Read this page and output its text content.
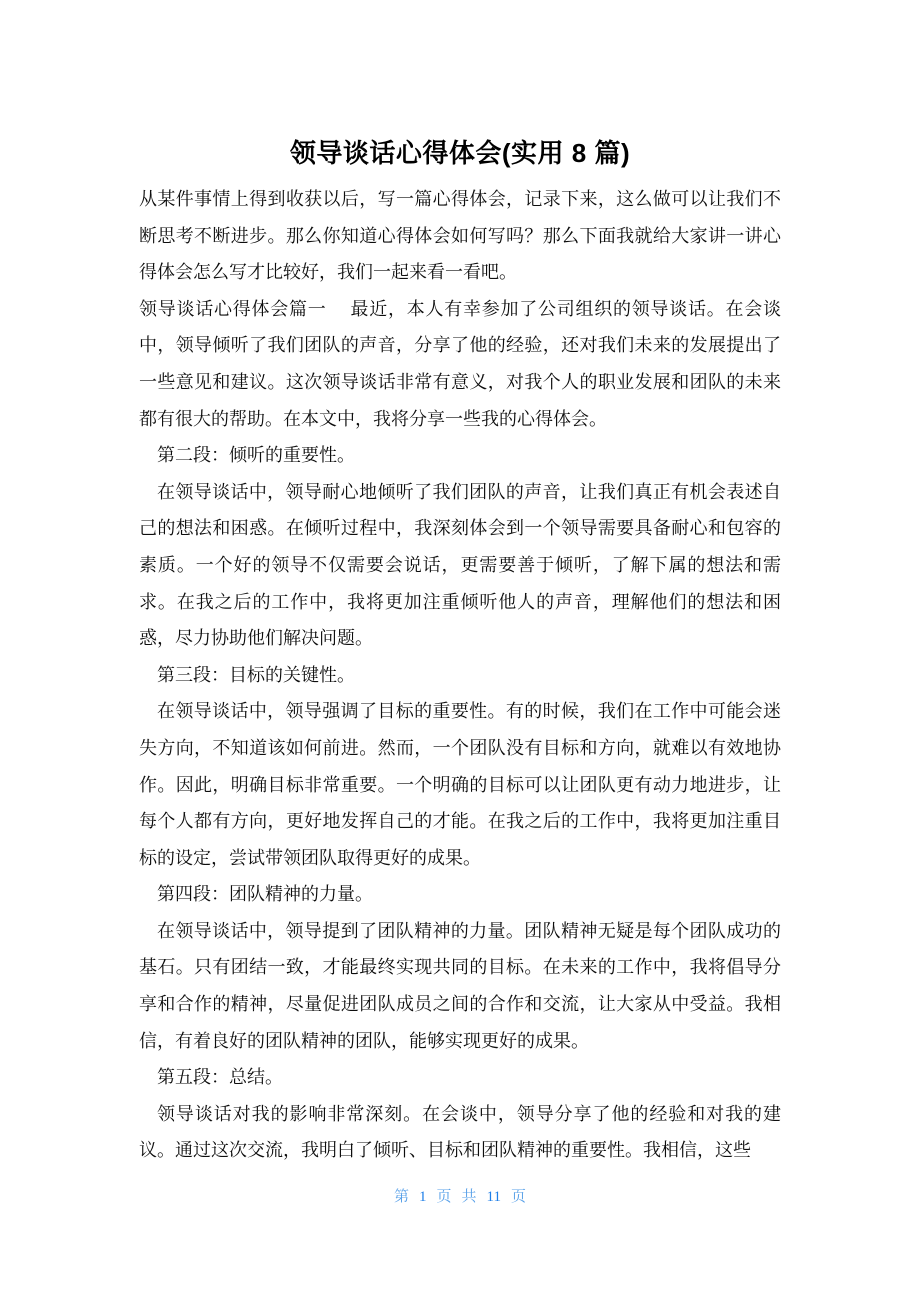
领导谈话心得体会(实用 8 篇)

从某件事情上得到收获以后，写一篇心得体会，记录下来，这么做可以让我们不断思考不断进步。那么你知道心得体会如何写吗？那么下面我就给大家讲一讲心得体会怎么写才比较好，我们一起来看一看吧。

领导谈话心得体会篇一　 最近，本人有幸参加了公司组织的领导谈话。在会谈中，领导倾听了我们团队的声音，分享了他的经验，还对我们未来的发展提出了一些意见和建议。这次领导谈话非常有意义，对我个人的职业发展和团队的未来都有很大的帮助。在本文中，我将分享一些我的心得体会。

第二段：倾听的重要性。

在领导谈话中，领导耐心地倾听了我们团队的声音，让我们真正有机会表述自己的想法和困惑。在倾听过程中，我深刻体会到一个领导需要具备耐心和包容的素质。一个好的领导不仅需要会说话，更需要善于倾听，了解下属的想法和需求。在我之后的工作中，我将更加注重倾听他人的声音，理解他们的想法和困惑，尽力协助他们解决问题。

第三段：目标的关键性。

在领导谈话中，领导强调了目标的重要性。有的时候，我们在工作中可能会迷失方向，不知道该如何前进。然而，一个团队没有目标和方向，就难以有效地协作。因此，明确目标非常重要。一个明确的目标可以让团队更有动力地进步，让每个人都有方向，更好地发挥自己的才能。在我之后的工作中，我将更加注重目标的设定，尝试带领团队取得更好的成果。

第四段：团队精神的力量。

在领导谈话中，领导提到了团队精神的力量。团队精神无疑是每个团队成功的基石。只有团结一致，才能最终实现共同的目标。在未来的工作中，我将倡导分享和合作的精神，尽量促进团队成员之间的合作和交流，让大家从中受益。我相信，有着良好的团队精神的团队，能够实现更好的成果。

第五段：总结。

领导谈话对我的影响非常深刻。在会谈中，领导分享了他的经验和对我的建议。通过这次交流，我明白了倾听、目标和团队精神的重要性。我相信，这些

第 1 页 共 11 页
